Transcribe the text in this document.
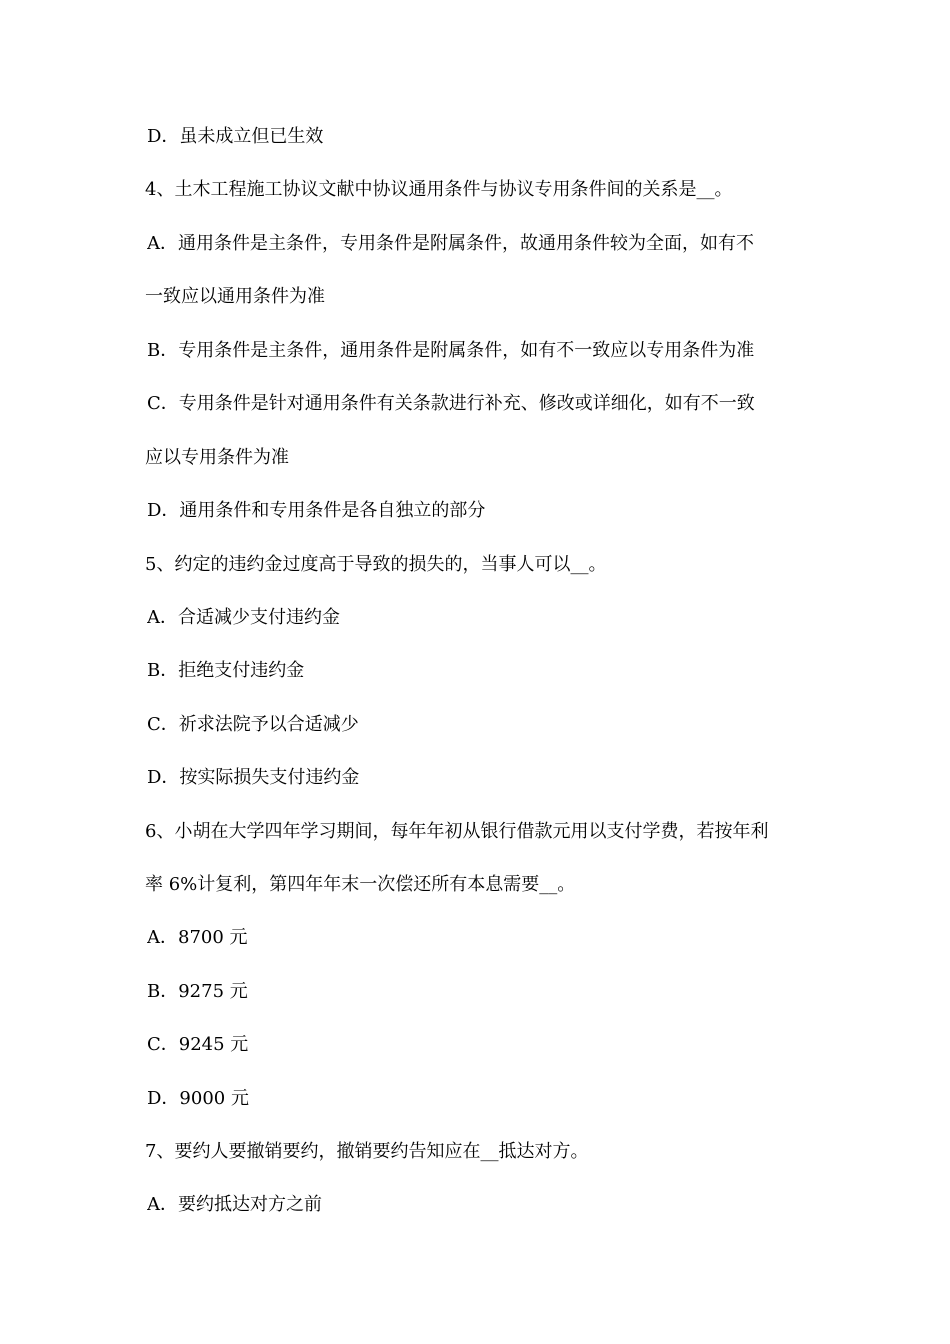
D．虽未成立但已生效
4、土木工程施工协议文献中协议通用条件与协议专用条件间的关系是__。
A．通用条件是主条件，专用条件是附属条件，故通用条件较为全面，如有不
一致应以通用条件为准
B．专用条件是主条件，通用条件是附属条件，如有不一致应以专用条件为准
C．专用条件是针对通用条件有关条款进行补充、修改或详细化，如有不一致
应以专用条件为准
D．通用条件和专用条件是各自独立的部分
5、约定的违约金过度高于导致的损失的，当事人可以__。
A．合适减少支付违约金
B．拒绝支付违约金
C．祈求法院予以合适减少
D．按实际损失支付违约金
6、小胡在大学四年学习期间，每年年初从银行借款元用以支付学费，若按年利
率 6%计复利，第四年年末一次偿还所有本息需要__。
A．8700 元
B．9275 元
C．9245 元
D．9000 元
7、要约人要撤销要约，撤销要约告知应在__抵达对方。
A．要约抵达对方之前
